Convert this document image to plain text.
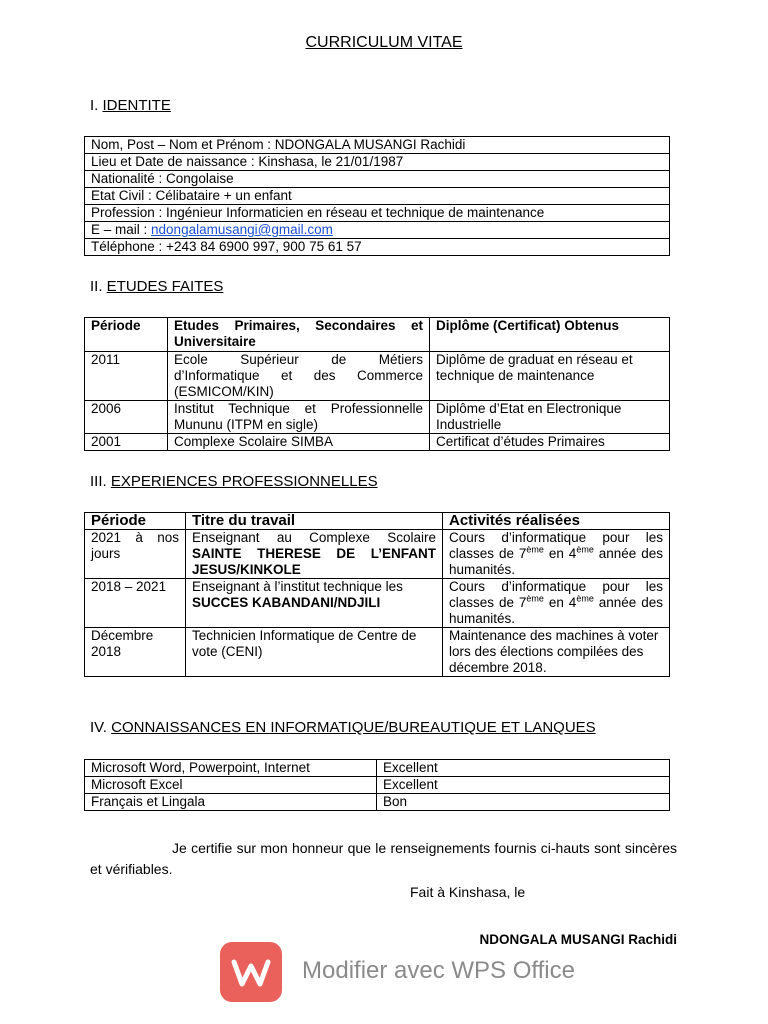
CURRICULUM VITAE
I. IDENTITE
Nom, Post – Nom et Prénom : NDONGALA MUSANGI Rachidi
Lieu et Date de naissance : Kinshasa, le 21/01/1987
Nationalité : Congolaise
Etat Civil : Célibataire + un enfant
Profession : Ingénieur Informaticien en réseau et technique de maintenance
E – mail : ndongalamusangi@gmail.com
Téléphone : +243 84 6900 997, 900 75 61 57
II. ETUDES FAITES
Période	Etudes Primaires, Secondaires et Universitaire	Diplôme (Certificat) Obtenus
2011	Ecole Supérieur de Métiers d’Informatique et des Commerce (ESMICOM/KIN)	Diplôme de graduat en réseau et technique de maintenance
2006	Institut Technique et Professionnelle Mununu (ITPM en sigle)	Diplôme d’Etat en Electronique Industrielle
2001	Complexe Scolaire SIMBA	Certificat d’études Primaires
III. EXPERIENCES PROFESSIONNELLES
Période	Titre du travail	Activités réalisées
2021 à nos jours	Enseignant au Complexe Scolaire SAINTE THERESE DE L’ENFANT JESUS/KINKOLE	Cours d’informatique pour les classes de 7ème en 4ème année des humanités.
2018 – 2021	Enseignant à l’institut technique les SUCCES KABANDANI/NDJILI	Cours d’informatique pour les classes de 7ème en 4ème année des humanités.
Décembre 2018	Technicien Informatique de Centre de vote (CENI)	Maintenance des machines à voter lors des élections compilées des décembre 2018.
IV. CONNAISSANCES EN INFORMATIQUE/BUREAUTIQUE ET LANQUES
Microsoft Word, Powerpoint, Internet	Excellent
Microsoft Excel	Excellent
Français et Lingala	Bon
Je certifie sur mon honneur que le renseignements fournis ci-hauts sont sincères et vérifiables.
Fait à Kinshasa, le
NDONGALA MUSANGI Rachidi
Modifier avec WPS Office
